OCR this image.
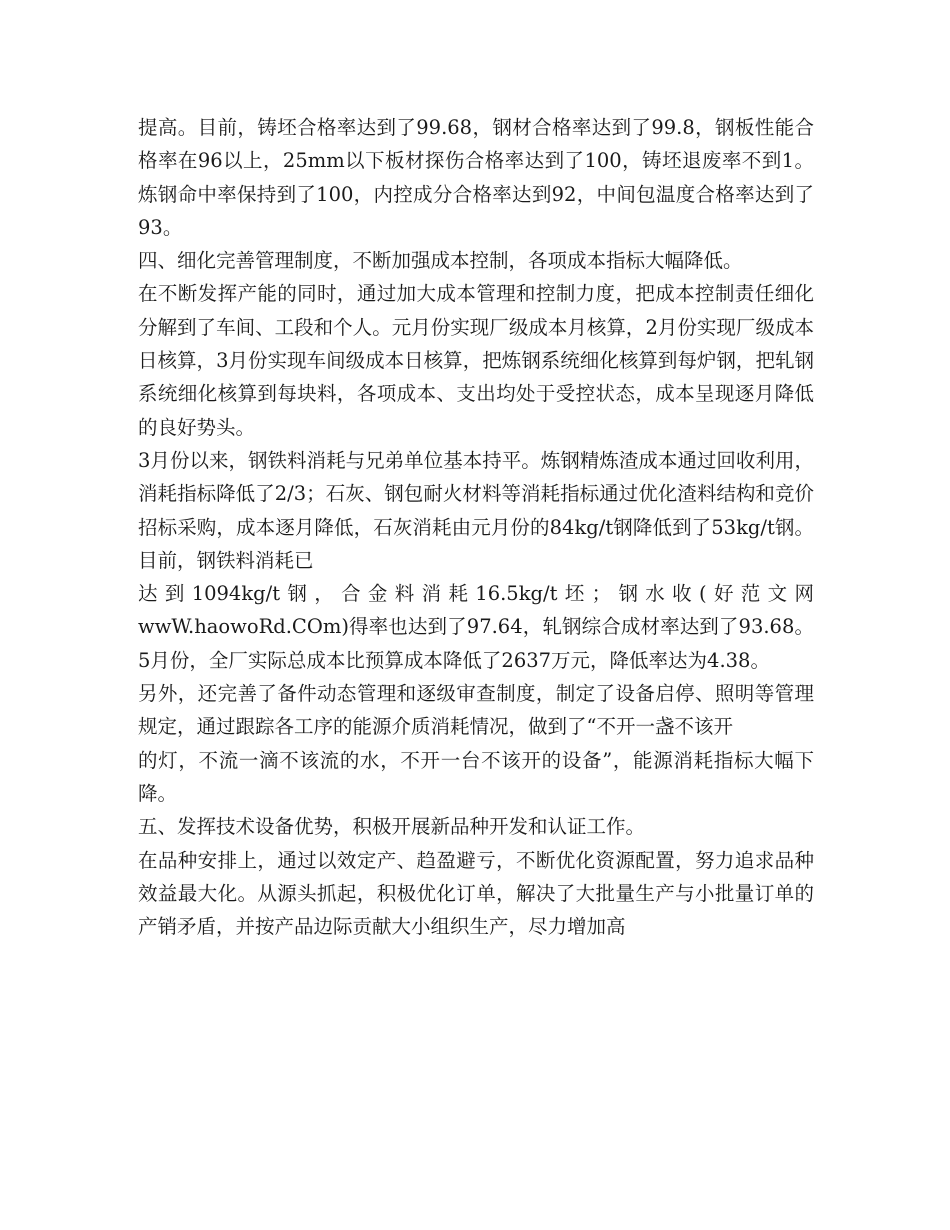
提高。目前，铸坯合格率达到了99.68，钢材合格率达到了99.8，钢板性能合格率在96以上，25mm以下板材探伤合格率达到了100，铸坯退废率不到1。炼钢命中率保持到了100，内控成分合格率达到92，中间包温度合格率达到了93。

四、细化完善管理制度，不断加强成本控制，各项成本指标大幅降低。

在不断发挥产能的同时，通过加大成本管理和控制力度，把成本控制责任细化分解到了车间、工段和个人。元月份实现厂级成本月核算，2月份实现厂级成本日核算，3月份实现车间级成本日核算，把炼钢系统细化核算到每炉钢，把轧钢系统细化核算到每块料，各项成本、支出均处于受控状态，成本呈现逐月降低的良好势头。

3月份以来，钢铁料消耗与兄弟单位基本持平。炼钢精炼渣成本通过回收利用，消耗指标降低了2/3；石灰、钢包耐火材料等消耗指标通过优化渣料结构和竞价招标采购，成本逐月降低，石灰消耗由元月份的84kg/t钢降低到了53kg/t钢。目前，钢铁料消耗已

达到1094kg/t钢，合金料消耗16.5kg/t坯；钢水收(好范文网wwW.haowoRd.COm)得率也达到了97.64，轧钢综合成材率达到了93.68。5月份，全厂实际总成本比预算成本降低了2637万元，降低率达为4.38。

另外，还完善了备件动态管理和逐级审查制度，制定了设备启停、照明等管理规定，通过跟踪各工序的能源介质消耗情况，做到了“不开一盏不该开

的灯，不流一滴不该流的水，不开一台不该开的设备”，能源消耗指标大幅下降。

五、发挥技术设备优势，积极开展新品种开发和认证工作。

在品种安排上，通过以效定产、趋盈避亏，不断优化资源配置，努力追求品种效益最大化。从源头抓起，积极优化订单，解决了大批量生产与小批量订单的产销矛盾，并按产品边际贡献大小组织生产，尽力增加高
